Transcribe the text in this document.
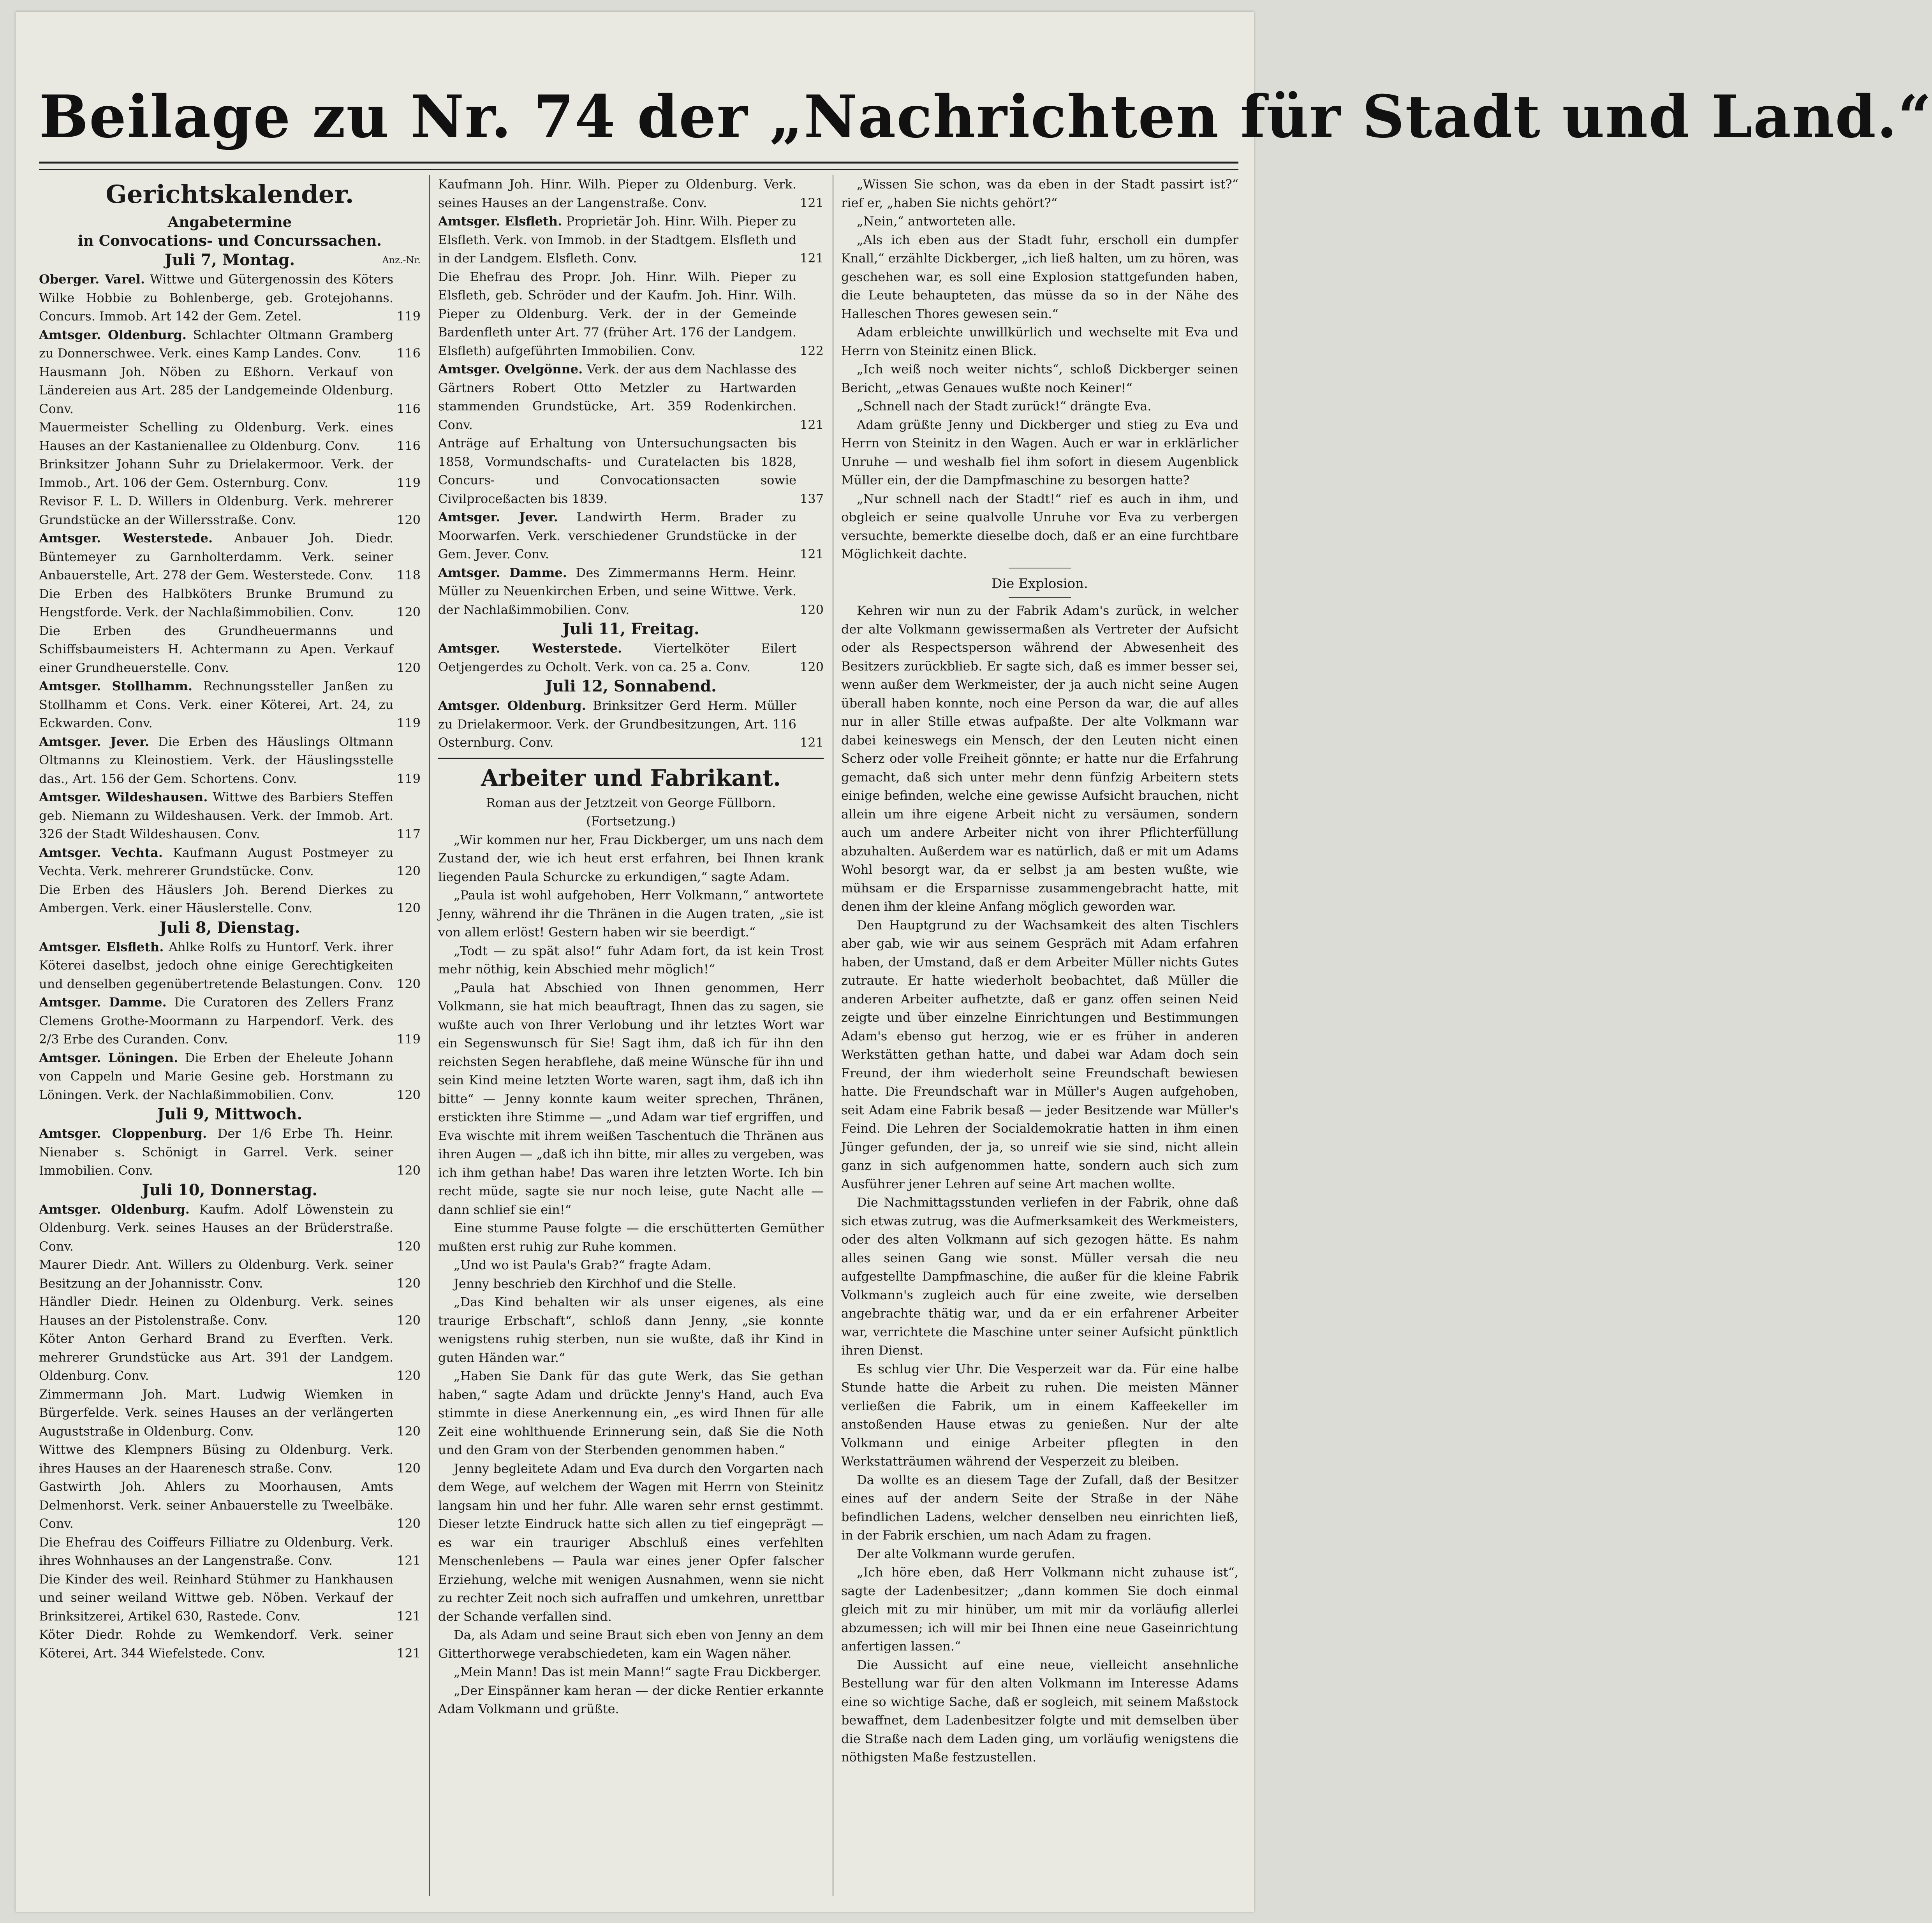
Beilage zu Nr. 74 der „Nachrichten für Stadt und Land.“
Gerichtskalender.
Angabetermine
in Convocations- und Concurssachen.
Juli 7, Montag.	Anz.-Nr.

Oberger. Varel. Wittwe und Gütergenossin des Köters Wilke Hobbie zu Bohlenberge, geb. Grotejohanns. Concurs. Immob. Art 142 der Gem. Zetel.	119

Amtsger. Oldenburg. Schlachter Oltmann Gramberg zu Donnerschwee. Verk. eines Kamp Landes. Conv.	116

Hausmann Joh. Nöben zu Eßhorn. Verkauf von Ländereien aus Art. 285 der Landgemeinde Oldenburg. Conv.	116

Mauermeister Schelling zu Oldenburg. Verk. eines Hauses an der Kastanienallee zu Oldenburg. Conv.	116

Brinksitzer Johann Suhr zu Drielakermoor. Verk. der Immob., Art. 106 der Gem. Osternburg. Conv.	119

Revisor F. L. D. Willers in Oldenburg. Verk. mehrerer Grundstücke an der Willersstraße. Conv.	120

Amtsger. Westerstede. Anbauer Joh. Diedr. Büntemeyer zu Garnholterdamm. Verk. seiner Anbauerstelle, Art. 278 der Gem. Westerstede. Conv. 118

Die Erben des Halbköters Brunke Brumund zu Hengstforde. Verk. der Nachlaßimmobilien. Conv.	120

Die Erben des Grundheuermanns und Schiffsbaumeisters H. Achtermann zu Apen. Verkauf einer Grundheuerstelle. Conv.	120

Amtsger. Stollhamm. Rechnungssteller Janßen zu Stollhamm et Cons. Verk. einer Köterei, Art. 24, zu Eckwarden. Conv.	119

Amtsger. Jever. Die Erben des Häuslings Oltmann Oltmanns zu Kleinostiem. Verk. der Häuslingsstelle das., Art. 156 der Gem. Schortens. Conv.	119

Amtsger. Wildeshausen. Wittwe des Barbiers Steffen geb. Niemann zu Wildeshausen. Verk. der Immob. Art. 326 der Stadt Wildeshausen. Conv.	117

Amtsger. Vechta. Kaufmann August Postmeyer zu Vechta. Verk. mehrerer Grundstücke. Conv.	120

Die Erben des Häuslers Joh. Berend Dierkes zu Ambergen. Verk. einer Häuslerstelle. Conv.	120

Juli 8, Dienstag.

Amtsger. Elsfleth. Ahlke Rolfs zu Huntorf. Verk. ihrer Köterei daselbst, jedoch ohne einige Gerechtigkeiten und denselben gegenübertretende Belastungen. Conv. 120

Amtsger. Damme. Die Curatoren des Zellers Franz Clemens Grothe-Moormann zu Harpendorf. Verk. des 2/3 Erbe des Curanden. Conv.	119

Amtsger. Löningen. Die Erben der Eheleute Johann von Cappeln und Marie Gesine geb. Horstmann zu Löningen. Verk. der Nachlaßimmobilien. Conv.	120

Juli 9, Mittwoch.

Amtsger. Cloppenburg. Der 1/6 Erbe Th. Heinr. Nienaber s. Schönigt in Garrel. Verk. seiner Immobilien. Conv.	120

Juli 10, Donnerstag.

Amtsger. Oldenburg. Kaufm. Adolf Löwenstein zu Oldenburg. Verk. seines Hauses an der Brüderstraße. Conv.	120

Maurer Diedr. Ant. Willers zu Oldenburg. Verk. seiner Besitzung an der Johannisstr. Conv.	120

Händler Diedr. Heinen zu Oldenburg. Verk. seines Hauses an der Pistolenstraße. Conv.	120

Köter Anton Gerhard Brand zu Everften. Verk. mehrerer Grundstücke aus Art. 391 der Landgem. Oldenburg. Conv.	120

Zimmermann Joh. Mart. Ludwig Wiemken in Bürgerfelde. Verk. seines Hauses an der verlängerten Auguststraße in Oldenburg. Conv.	120

Wittwe des Klempners Büsing zu Oldenburg. Verk. ihres Hauses an der Haarenesch straße. Conv.	120

Gastwirth Joh. Ahlers zu Moorhausen, Amts Delmenhorst. Verk. seiner Anbauerstelle zu Tweelbäke. Conv.	120

Die Ehefrau des Coiffeurs Filliatre zu Oldenburg. Verk. ihres Wohnhauses an der Langenstraße. Conv.	121

Die Kinder des weil. Reinhard Stühmer zu Hankhausen und seiner weiland Wittwe geb. Nöben. Verkauf der Brinksitzerei, Artikel 630, Rastede. Conv.	121

Köter Diedr. Rohde zu Wemkendorf. Verk. seiner Köterei, Art. 344 Wiefelstede. Conv.	121

Kaufmann Joh. Hinr. Wilh. Pieper zu Oldenburg. Verk. seines Hauses an der Langenstraße. Conv.	121

Amtsger. Elsfleth. Proprietär Joh. Hinr. Wilh. Pieper zu Elsfleth. Verk. von Immob. in der Stadtgem. Elsfleth und in der Landgem. Elsfleth. Conv.	121

Die Ehefrau des Propr. Joh. Hinr. Wilh. Pieper zu Elsfleth, geb. Schröder und der Kaufm. Joh. Hinr. Wilh. Pieper zu Oldenburg. Verk. der in der Gemeinde Bardenfleth unter Art. 77 (früher Art. 176 der Landgem. Elsfleth) aufgeführten Immobilien. Conv.	122

Amtsger. Ovelgönne. Verk. der aus dem Nachlasse des Gärtners Robert Otto Metzler zu Hartwarden stammenden Grundstücke, Art. 359 Rodenkirchen. Conv.	121

Anträge auf Erhaltung von Untersuchungsacten bis 1858, Vormundschafts- und Curatelacten bis 1828, Concurs- und Convocationsacten sowie Civilproceßacten bis 1839.	137

Amtsger. Jever. Landwirth Herm. Brader zu Moorwarfen. Verk. verschiedener Grundstücke in der Gem. Jever. Conv.	121

Amtsger. Damme. Des Zimmermanns Herm. Heinr. Müller zu Neuenkirchen Erben, und seine Wittwe. Verk. der Nachlaßimmobilien. Conv.	120

Juli 11, Freitag.

Amtsger. Westerstede.	Viertelköter Eilert Oetjengerdes zu Ocholt. Verk. von ca. 25 a. Conv.	120

Juli 12, Sonnabend.

Amtsger. Oldenburg. Brinksitzer Gerd Herm. Müller zu Drielakermoor. Verk. der Grundbesitzungen, Art. 116 Osternburg. Conv.	121

Arbeiter und Fabrikant.
Roman aus der Jetztzeit von George Füllborn.
(Fortsetzung.)

„Wir kommen nur her, Frau Dickberger, um uns nach dem Zustand der, wie ich heut erst erfahren, bei Ihnen krank liegenden Paula Schurcke zu erkundigen,“ sagte Adam.

„Paula ist wohl aufgehoben, Herr Volkmann,“ antwortete Jenny, während ihr die Thränen in die Augen traten, „sie ist von allem erlöst! Gestern haben wir sie beerdigt.“

„Todt — zu spät also!“ fuhr Adam fort, da ist kein Trost mehr nöthig, kein Abschied mehr möglich!“

„Paula hat Abschied von Ihnen genommen, Herr Volkmann, sie hat mich beauftragt, Ihnen das zu sagen, sie wußte auch von Ihrer Verlobung und ihr letztes Wort war ein Segenswunsch für Sie! Sagt ihm, daß ich für ihn den reichsten Segen herabflehe, daß meine Wünsche für ihn und sein Kind meine letzten Worte waren, sagt ihm, daß ich ihn bitte“ — Jenny konnte kaum weiter sprechen, Thränen, erstickten ihre Stimme — „und Adam war tief ergriffen, und Eva wischte mit ihrem weißen Taschentuch die Thränen aus ihren Augen — „daß ich ihn bitte, mir alles zu vergeben, was ich ihm gethan habe! Das waren ihre letzten Worte. Ich bin recht müde, sagte sie nur noch leise, gute Nacht alle — dann schlief sie ein!“

Eine stumme Pause folgte — die erschütterten Gemüther mußten erst ruhig zur Ruhe kommen.

„Und wo ist Paula's Grab?“ fragte Adam.

Jenny beschrieb den Kirchhof und die Stelle.

„Das Kind behalten wir als unser eigenes, als eine traurige Erbschaft“, schloß dann Jenny, „sie konnte wenigstens ruhig sterben, nun sie wußte, daß ihr Kind in guten Händen war.“

„Haben Sie Dank für das gute Werk, das Sie gethan haben,“ sagte Adam und drückte Jenny's Hand, auch Eva stimmte in diese Anerkennung ein, „es wird Ihnen für alle Zeit eine wohlthuende Erinnerung sein, daß Sie die Noth und den Gram von der Sterbenden genommen haben.“

Jenny begleitete Adam und Eva durch den Vorgarten nach dem Wege, auf welchem der Wagen mit Herrn von Steinitz langsam hin und her fuhr. Alle waren sehr ernst gestimmt. Dieser letzte Eindruck hatte sich allen zu tief eingeprägt — es war ein trauriger Abschluß eines verfehlten Menschenlebens — Paula war eines jener Opfer falscher Erziehung, welche mit wenigen Ausnahmen, wenn sie nicht zu rechter Zeit noch sich aufraffen und umkehren, unrettbar der Schande verfallen sind.

Da, als Adam und seine Braut sich eben von Jenny an dem Gitterthorwege verabschiedeten, kam ein Wagen näher.

„Mein Mann! Das ist mein Mann!“ sagte Frau Dickberger.

„Der Einspänner kam heran — der dicke Rentier erkannte Adam Volkmann und grüßte.

„Wissen Sie schon, was da eben in der Stadt passirt ist?“ rief er, „haben Sie nichts gehört?“

„Nein,“ antworteten alle.

„Als ich eben aus der Stadt fuhr, erscholl ein dumpfer Knall,“ erzählte Dickberger, „ich ließ halten, um zu hören, was geschehen war, es soll eine Explosion stattgefunden haben, die Leute behaupteten, das müsse da so in der Nähe des Halleschen Thores gewesen sein.“

Adam erbleichte unwillkürlich und wechselte mit Eva und Herrn von Steinitz einen Blick.

„Ich weiß noch weiter nichts“, schloß Dickberger seinen Bericht, „etwas Genaues wußte noch Keiner!“

„Schnell nach der Stadt zurück!“ drängte Eva.

Adam grüßte Jenny und Dickberger und stieg zu Eva und Herrn von Steinitz in den Wagen. Auch er war in erklärlicher Unruhe — und weshalb fiel ihm sofort in diesem Augenblick Müller ein, der die Dampfmaschine zu besorgen hatte?

„Nur schnell nach der Stadt!“ rief es auch in ihm, und obgleich er seine qualvolle Unruhe vor Eva zu verbergen versuchte, bemerkte dieselbe doch, daß er an eine furchtbare Möglichkeit dachte.

Die Explosion.

Kehren wir nun zu der Fabrik Adam's zurück, in welcher der alte Volkmann gewissermaßen als Vertreter der Aufsicht oder als Respectsperson während der Abwesenheit des Besitzers zurückblieb. Er sagte sich, daß es immer besser sei, wenn außer dem Werkmeister, der ja auch nicht seine Augen überall haben konnte, noch eine Person da war, die auf alles nur in aller Stille etwas aufpaßte. Der alte Volkmann war dabei keineswegs ein Mensch, der den Leuten nicht einen Scherz oder volle Freiheit gönnte; er hatte nur die Erfahrung gemacht, daß sich unter mehr denn fünfzig Arbeitern stets einige befinden, welche eine gewisse Aufsicht brauchen, nicht allein um ihre eigene Arbeit nicht zu versäumen, sondern auch um andere Arbeiter nicht von ihrer Pflichterfüllung abzuhalten. Außerdem war es natürlich, daß er mit um Adams Wohl besorgt war, da er selbst ja am besten wußte, wie mühsam er die Ersparnisse zusammengebracht hatte, mit denen ihm der kleine Anfang möglich geworden war.

Den Hauptgrund zu der Wachsamkeit des alten Tischlers aber gab, wie wir aus seinem Gespräch mit Adam erfahren haben, der Umstand, daß er dem Arbeiter Müller nichts Gutes zutraute. Er hatte wiederholt beobachtet, daß Müller die anderen Arbeiter aufhetzte, daß er ganz offen seinen Neid zeigte und über einzelne Einrichtungen und Bestimmungen Adam's ebenso gut herzog, wie er es früher in anderen Werkstätten gethan hatte, und dabei war Adam doch sein Freund, der ihm wiederholt seine Freundschaft bewiesen hatte. Die Freundschaft war in Müller's Augen aufgehoben, seit Adam eine Fabrik besaß — jeder Besitzende war Müller's Feind. Die Lehren der Socialdemokratie hatten in ihm einen Jünger gefunden, der ja, so unreif wie sie sind, nicht allein ganz in sich aufgenommen hatte, sondern auch sich zum Ausführer jener Lehren auf seine Art machen wollte.

Die Nachmittagsstunden verliefen in der Fabrik, ohne daß sich etwas zutrug, was die Aufmerksamkeit des Werkmeisters, oder des alten Volkmann auf sich gezogen hätte. Es nahm alles seinen Gang wie sonst. Müller versah die neu aufgestellte Dampfmaschine, die außer für die kleine Fabrik Volkmann's zugleich auch für eine zweite, wie derselben angebrachte thätig war, und da er ein erfahrener Arbeiter war, verrichtete die Maschine unter seiner Aufsicht pünktlich ihren Dienst.

Es schlug vier Uhr. Die Vesperzeit war da. Für eine halbe Stunde hatte die Arbeit zu ruhen. Die meisten Männer verließen die Fabrik, um in einem Kaffeekeller im anstoßenden Hause etwas zu genießen. Nur der alte Volkmann und einige Arbeiter pflegten in den Werkstatträumen während der Vesperzeit zu bleiben.

Da wollte es an diesem Tage der Zufall, daß der Besitzer eines auf der andern Seite der Straße in der Nähe befindlichen Ladens, welcher denselben neu einrichten ließ, in der Fabrik erschien, um nach Adam zu fragen.

Der alte Volkmann wurde gerufen.

„Ich höre eben, daß Herr Volkmann nicht zuhause ist“, sagte der Ladenbesitzer; „dann kommen Sie doch einmal gleich mit zu mir hinüber, um mit mir da vorläufig allerlei abzumessen; ich will mir bei Ihnen eine neue Gaseinrichtung anfertigen lassen.“

Die Aussicht auf eine neue, vielleicht ansehnliche Bestellung war für den alten Volkmann im Interesse Adams eine so wichtige Sache, daß er sogleich, mit seinem Maßstock bewaffnet, dem Ladenbesitzer folgte und mit demselben über die Straße nach dem Laden ging, um vorläufig wenigstens die nöthigsten Maße festzustellen.
